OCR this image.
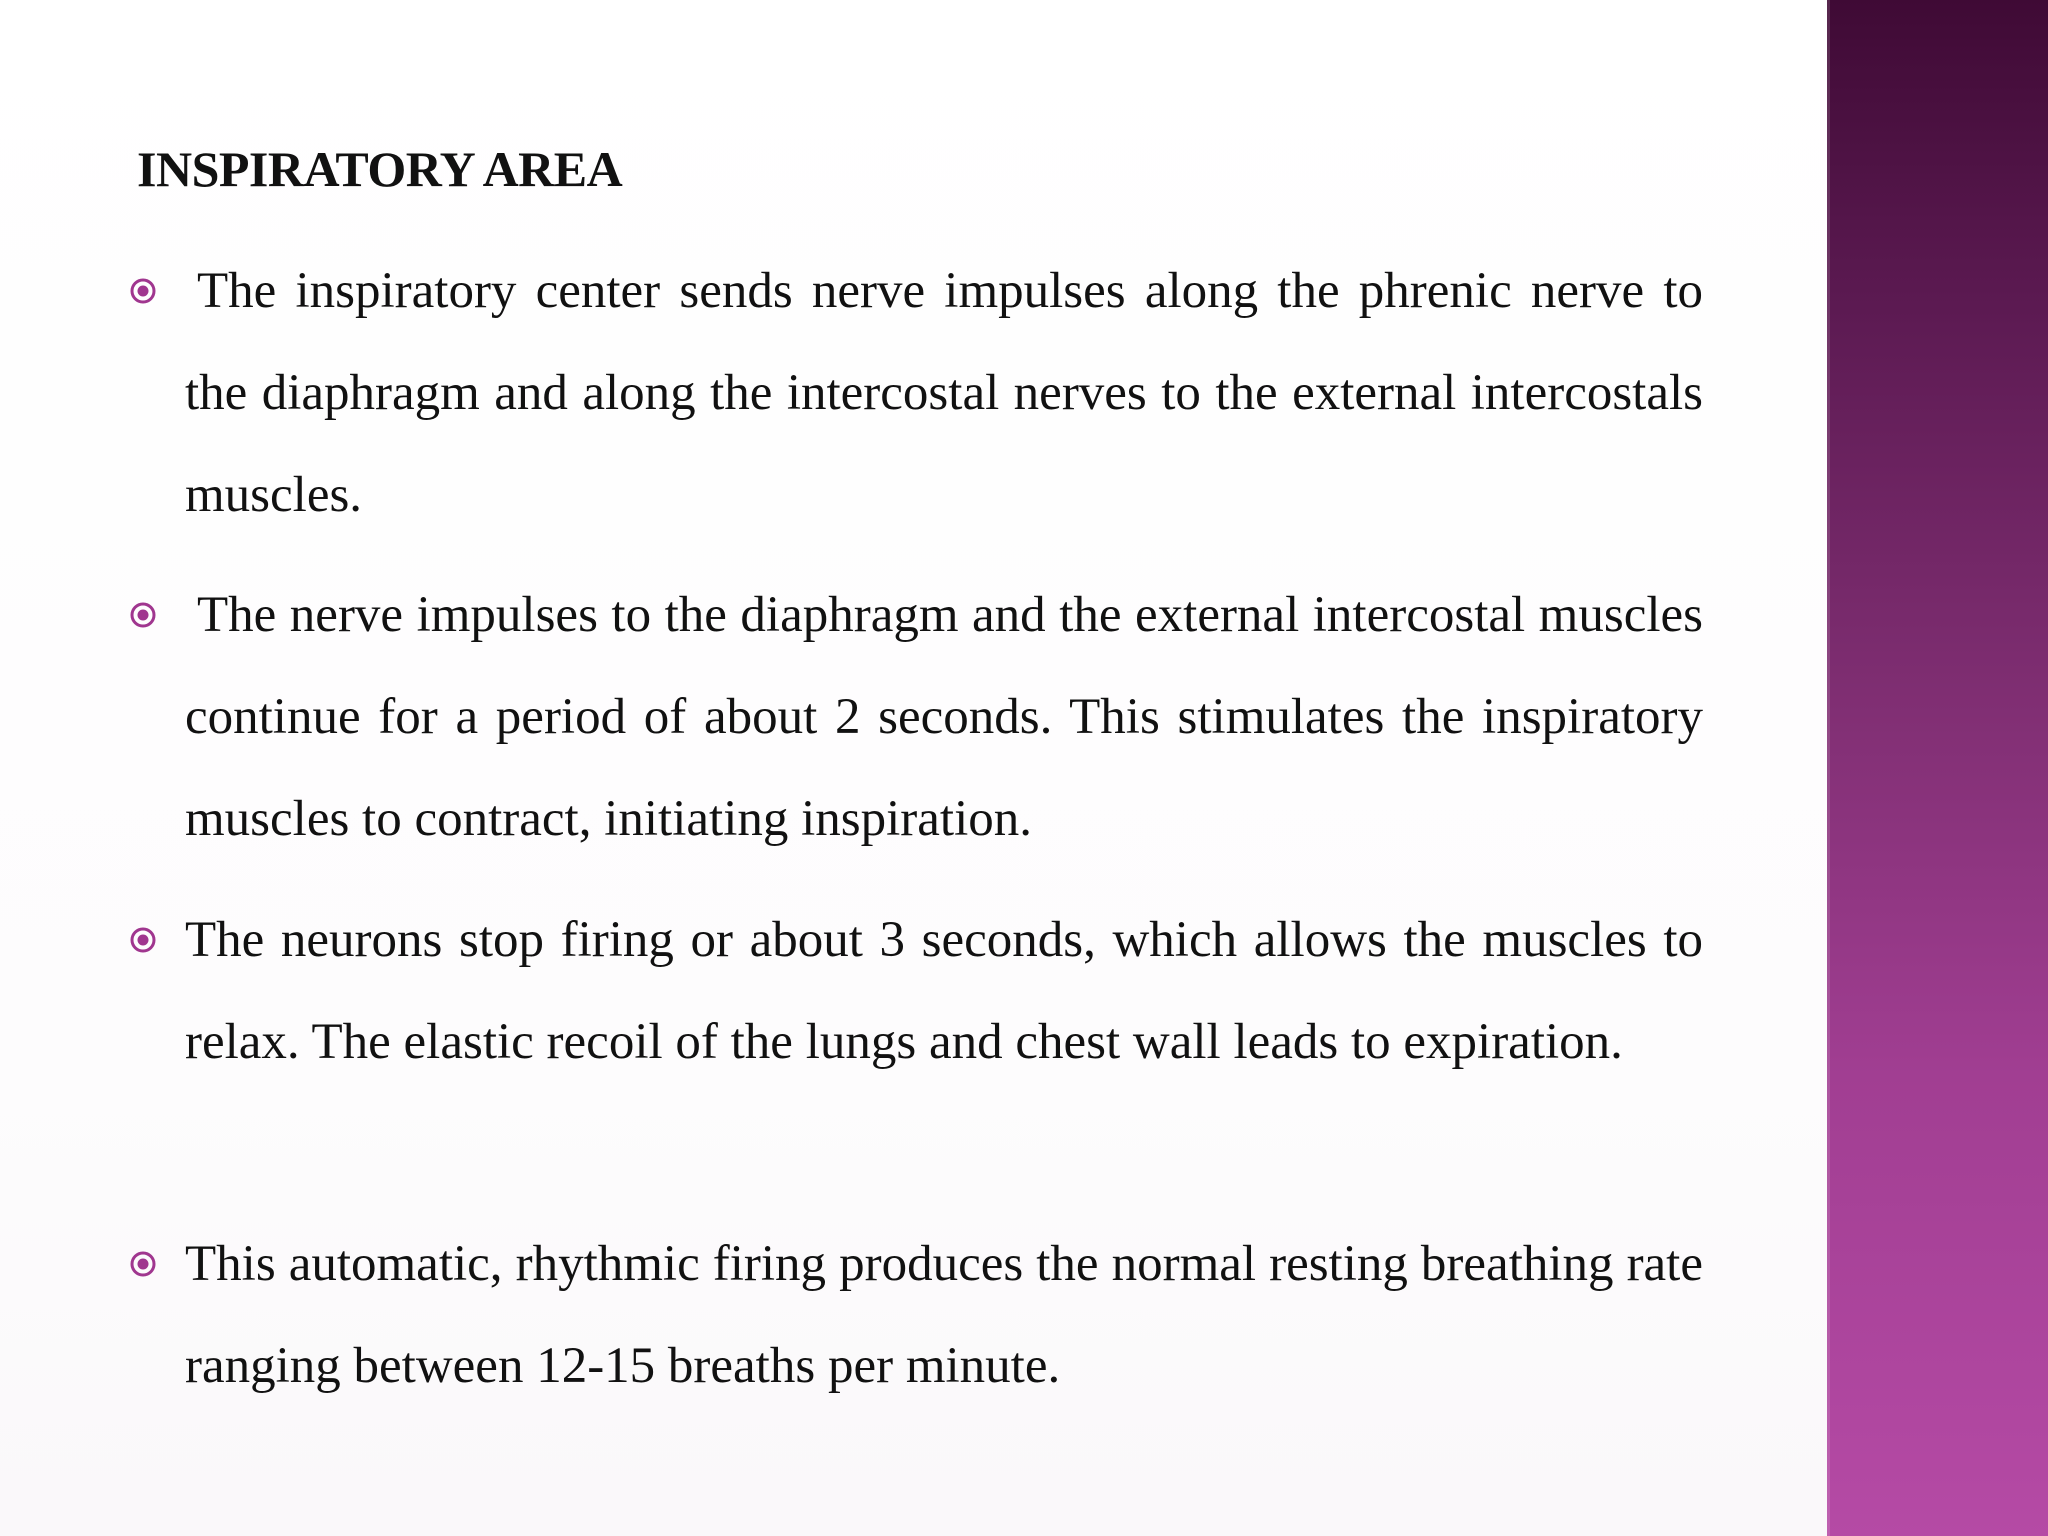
INSPIRATORY AREA
The inspiratory center sends nerve impulses along the phrenic nerve to the diaphragm and along the intercostal nerves to the external intercostals muscles.
The nerve impulses to the diaphragm and the external intercostal muscles continue for a period of about 2 seconds. This stimulates the inspiratory muscles to contract, initiating inspiration.
The neurons stop firing or about 3 seconds, which allows the muscles to relax. The elastic recoil of the lungs and chest wall leads to expiration.
This automatic, rhythmic firing produces the normal resting breathing rate ranging between 12-15 breaths per minute.
